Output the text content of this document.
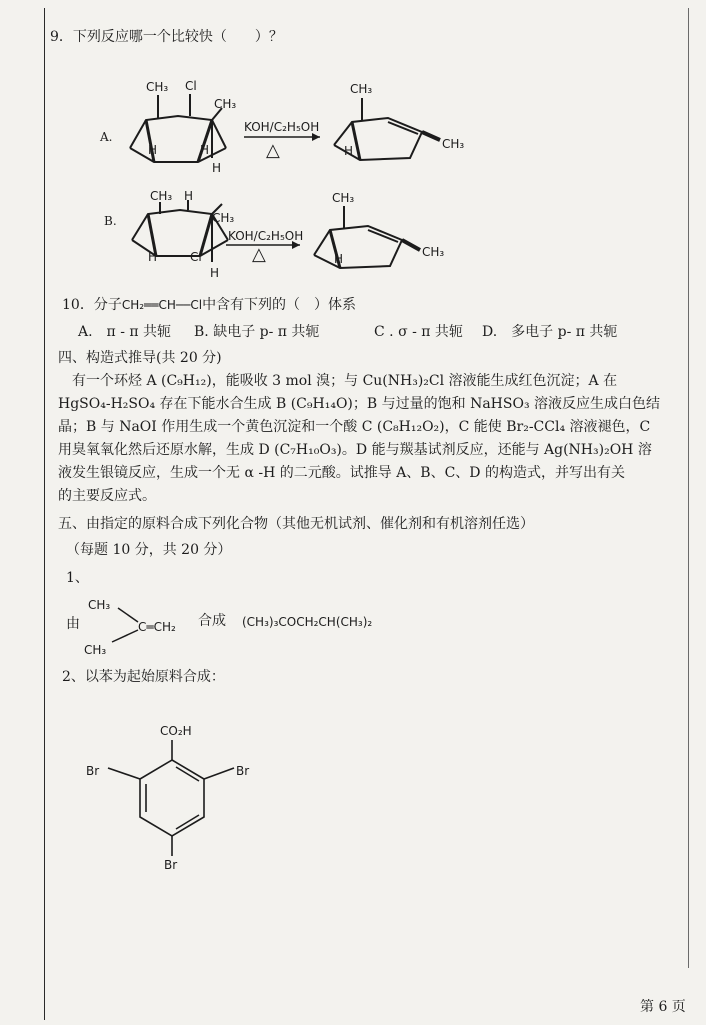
9．下列反应哪一个比较快（　　）？
A.
CH₃ Cl
CH₃
H	H
H
KOH/C₂H₅OH
△
CH₃
CH₃
H
B.
CH₃ H
CH₃
H	Cl
H
KOH/C₂H₅OH
△
CH₃
CH₃
H
10．分子CH₂══CH──Cl中含有下列的（　）体系
A.　π - π 共轭 B. 缺电子 p- π 共轭	C . σ - π 共轭 D.　多电子 p- π 共轭
四、构造式推导(共 20 分)
有一个环烃 A (C₉H₁₂)，能吸收 3 mol 溴；与 Cu(NH₃)₂Cl 溶液能生成红色沉淀；A 在
HgSO₄-H₂SO₄ 存在下能水合生成 B (C₉H₁₄O)；B 与过量的饱和 NaHSO₃ 溶液反应生成白色结
晶；B 与 NaOI 作用生成一个黄色沉淀和一个酸 C (C₈H₁₂O₂)，C 能使 Br₂-CCl₄ 溶液褪色，C
用臭氧氧化然后还原水解，生成 D (C₇H₁₀O₃)。D 能与羰基试剂反应，还能与 Ag(NH₃)₂OH 溶
液发生银镜反应，生成一个无 α -H 的二元酸。试推导 A、B、C、D 的构造式，并写出有关
的主要反应式。
五、由指定的原料合成下列化合物（其他无机试剂、催化剂和有机溶剂任选）
（每题 10 分，共 20 分）
1、
由
CH₃
CH₃
C═CH₂ 合成 (CH₃)₃COCH₂CH(CH₃)₂
2、以苯为起始原料合成：
CO₂H
Br	Br
Br
第 6 页
